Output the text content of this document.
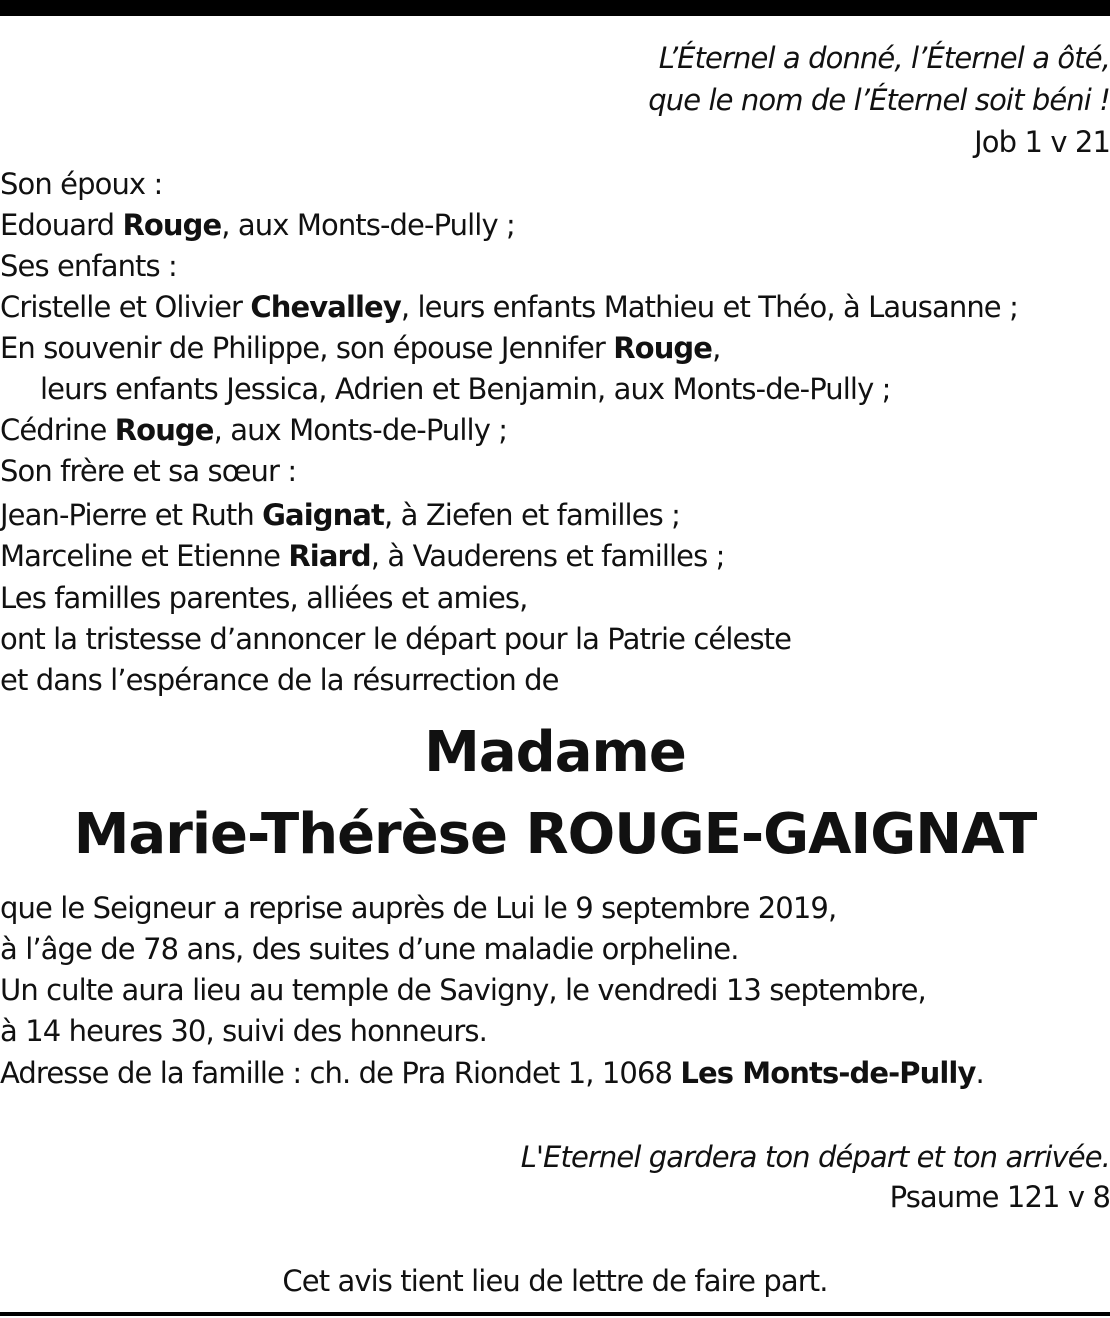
L’Éternel a donné, l’Éternel a ôté,
que le nom de l’Éternel soit béni !
Job 1 v 21
Son époux :
Edouard Rouge, aux Monts-de-Pully ;
Ses enfants :
Cristelle et Olivier Chevalley, leurs enfants Mathieu et Théo, à Lausanne ;
En souvenir de Philippe, son épouse Jennifer Rouge,
leurs enfants Jessica, Adrien et Benjamin, aux Monts-de-Pully ;
Cédrine Rouge, aux Monts-de-Pully ;
Son frère et sa sœur :
Jean-Pierre et Ruth Gaignat, à Ziefen et familles ;
Marceline et Etienne Riard, à Vauderens et familles ;
Les familles parentes, alliées et amies,
ont la tristesse d’annoncer le départ pour la Patrie céleste
et dans l’espérance de la résurrection de
Madame
Marie-Thérèse ROUGE-GAIGNAT
que le Seigneur a reprise auprès de Lui le 9 septembre 2019,
à l’âge de 78 ans, des suites d’une maladie orpheline.
Un culte aura lieu au temple de Savigny, le vendredi 13 septembre,
à 14 heures 30, suivi des honneurs.
Adresse de la famille : ch. de Pra Riondet 1, 1068 Les Monts-de-Pully.
L'Eternel gardera ton départ et ton arrivée.
Psaume 121 v 8
Cet avis tient lieu de lettre de faire part.
